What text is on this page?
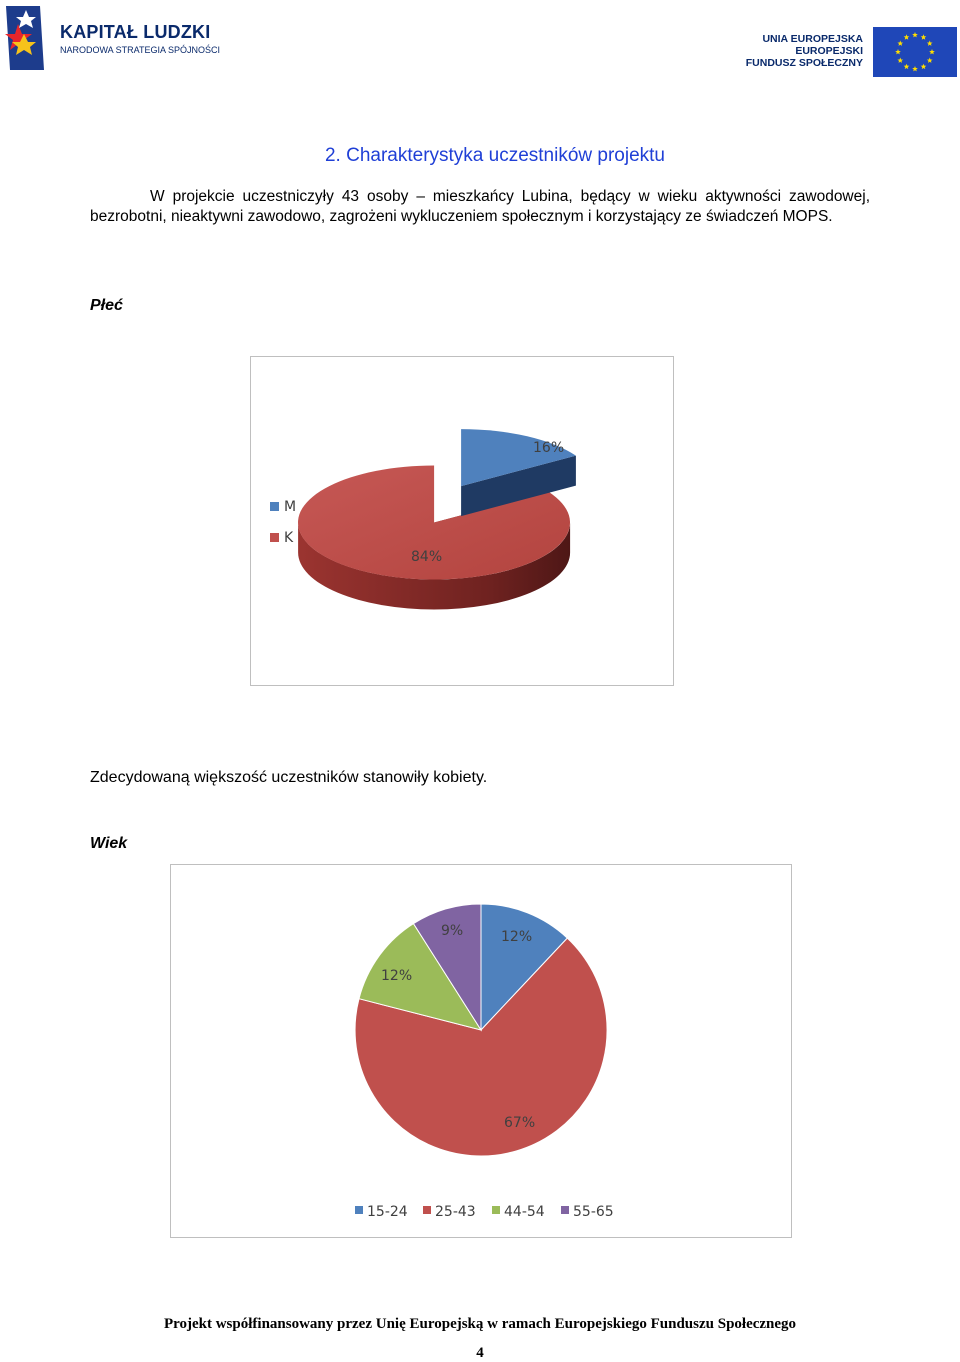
KAPITAŁ LUDZKI
NARODOWA STRATEGIA SPÓJNOŚCI
UNIA EUROPEJSKA
EUROPEJSKI
FUNDUSZ SPOŁECZNY
2. Charakterystyka uczestników projektu
W projekcie uczestniczyły 43 osoby – mieszkańcy Lubina, będący w wieku aktywności zawodowej, bezrobotni, nieaktywni zawodowo, zagrożeni wykluczeniem społecznym i korzystający ze świadczeń MOPS.
Płeć
M
K
16%
84%
Zdecydowaną większość uczestników stanowiły kobiety.
Wiek
12%
67%
12%
9%
15-24 25-43 44-54 55-65
Projekt współfinansowany przez Unię Europejską w ramach Europejskiego Funduszu Społecznego
4
